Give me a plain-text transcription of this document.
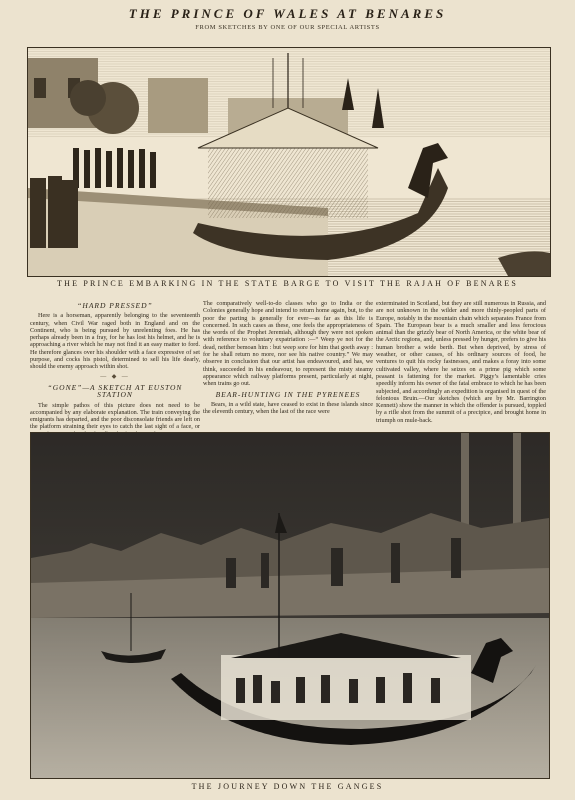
THE PRINCE OF WALES AT BENARES
FROM SKETCHES BY ONE OF OUR SPECIAL ARTISTS
THE PRINCE EMBARKING IN THE STATE BARGE TO VISIT THE RAJAH OF BENARES
“HARD PRESSED”

Here is a horseman, apparently belonging to the seventeenth century, when Civil War raged both in England and on the Continent, who is being pursued by unrelenting foes. He has perhaps already been in a fray, for he has lost his helmet, and he is approaching a river which he may not find it an easy matter to ford. He therefore glances over his shoulder with a face expressive of set purpose, and cocks his pistol, determined to sell his life dearly, should the enemy approach within shot.

— ◆ —
“GONE”—A SKETCH AT EUSTON STATION

The simple pathos of this picture does not need to be accompanied by any elaborate explanation. The train conveying the emigrants has departed, and the poor disconsolate friends are left on the platform straining their eyes to catch the last sight of a face, or

The comparatively well-to-do classes who go to India or the Colonies generally hope and intend to return home again, but, to the poor the parting is generally for ever—as far as this life is concerned. In such cases as these, one feels the appropriateness of the words of the Prophet Jeremiah, although they were not spoken with reference to voluntary expatriation :—“ Weep ye not for the dead, neither bemoan him : but weep sore for him that goeth away : for he shall return no more, nor see his native country.” We may observe in conclusion that our artist has endeavoured, and has, we think, succeeded in his endeavour, to represent the misty steamy appearance which railway platforms present, particularly at night, when trains go out.

BEAR-HUNTING IN THE PYRENEES

Bears, in a wild state, have ceased to exist in these islands since the eleventh century, when the last of the race were

exterminated in Scotland, but they are still numerous in Russia, and are not unknown in the wilder and more thinly-peopled parts of Europe, notably in the mountain chain which separates France from Spain. The European bear is a much smaller and less ferocious animal than the grizzly bear of North America, or the white bear of the Arctic regions, and, unless pressed by hunger, prefers to give his human brother a wide berth. But when deprived, by stress of weather, or other causes, of his ordinary sources of food, he ventures to quit his rocky fastnesses, and makes a foray into some cultivated valley, where he seizes on a prime pig which some peasant is fattening for the market. Piggy’s lamentable cries speedily inform his owner of the fatal embrace to which he has been subjected, and accordingly an expedition is organised in quest of the felonious Bruin.—Our sketches (which are by Mr. Barrington Kennett) show the manner in which the offender is pursued, toppled by a rifle shot from the summit of a precipice, and brought home in triumph on mule-back.

THE JOURNEY DOWN THE GANGES
